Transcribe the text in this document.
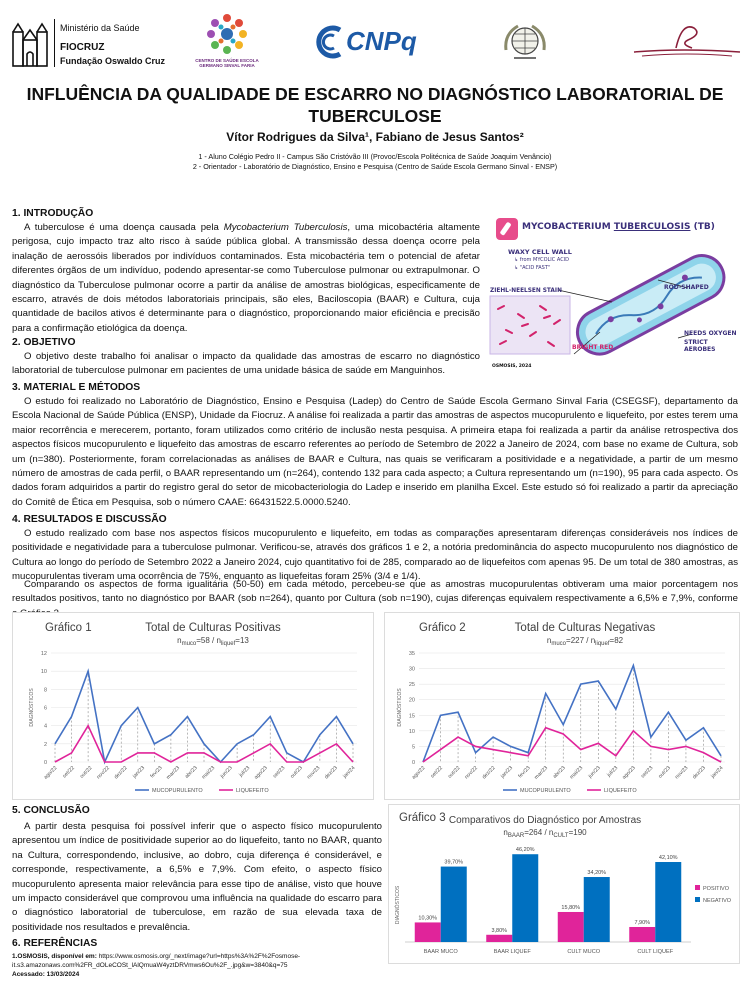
Ministério da Saúde
FIOCRUZ
Fundação Oswaldo Cruz	CENTRO DE SAÚDE ESCOLA GERMANO SINVAL FARIA
CNPq
INFLUÊNCIA DA QUALIDADE DE ESCARRO NO DIAGNÓSTICO LABORATORIAL DE TUBERCULOSE
Vítor Rodrigues da Silva¹, Fabiano de Jesus Santos²
1 - Aluno Colégio Pedro II - Campus São Cristóvão III (Provoc/Escola Politécnica de Saúde Joaquim Venâncio)
2 - Orientador - Laboratório de Diagnóstico, Ensino e Pesquisa (Centro de Saúde Escola Germano Sinval - ENSP)
1. INTRODUÇÃO

A tuberculose é uma doença causada pela Mycobacterium Tuberculosis, uma micobactéria altamente perigosa, cujo impacto traz alto risco à saúde pública global. A transmissão dessa doença ocorre pela inalação de aerossóis liberados por indivíduos contaminados. Esta micobactéria tem o potencial de afetar diferentes órgãos de um indivíduo, podendo apresentar-se como Tuberculose pulmonar ou extrapulmonar. O diagnóstico da Tuberculose pulmonar ocorre a partir da análise de amostras biológicas, especificamente de escarro, através de dois métodos laboratoriais principais, são eles, Baciloscopia (BAAR) e Cultura, cuja quantidade de bacilos ativos é determinante para o diagnóstico, proporcionando maior eficiência e precisão para a confirmação etiológica da doença.

MYCOBACTERIUM TUBERCULOSIS (TB)
WAXY CELL WALL
↳ from MYCOLIC ACID
↳ "ACID FAST"
ROD-SHAPED
ZIEHL-NEELSEN STAIN
BRIGHT RED
NEEDS OXYGEN
STRICT AEROBES
OSMOSIS, 2024
2. OBJETIVO

O objetivo deste trabalho foi analisar o impacto da qualidade das amostras de escarro no diagnóstico laboratorial de tuberculose pulmonar em pacientes de uma unidade básica de saúde em Manguinhos.

3. MATERIAL E MÉTODOS

O estudo foi realizado no Laboratório de Diagnóstico, Ensino e Pesquisa (Ladep) do Centro de Saúde Escola Germano Sinval Faria (CSEGSF), departamento da Escola Nacional de Saúde Pública (ENSP), Unidade da Fiocruz. A análise foi realizada a partir das amostras de aspectos mucopurulento e liquefeito, por estes terem uma maior recorrência e merecerem, portanto, foram utilizados como critério de inclusão nesta pesquisa. A primeira etapa foi realizada a partir da análise retrospectiva dos aspectos físicos mucopurulento e liquefeito das amostras de escarro referentes ao período de Setembro de 2022 a Janeiro de 2024, com base no exame de Cultura, sob um (n=380). Posteriormente, foram correlacionadas as análises de BAAR e Cultura, nas quais se verificaram a positividade e a negatividade, a partir de um mesmo número de amostras de cada perfil, o BAAR representando um (n=264), contendo 132 para cada aspecto; a Cultura representando um (n=190), 95 para cada aspecto. Os dados foram adquiridos a partir do registro geral do setor de micobacteriologia do Ladep e inserido em planilha Excel. Este estudo só foi realizado a partir da apreciação do Comitê de Ética em Pesquisa, sob o número CAAE: 66431522.5.0000.5240.

4. RESULTADOS E DISCUSSÃO

O estudo realizado com base nos aspectos físicos mucopurulento e liquefeito, em todas as comparações apresentaram diferenças consideráveis nos índices de positividade e negatividade para a tuberculose pulmonar. Verificou-se, através dos gráficos 1 e 2, a notória predominância do aspecto mucopurulento nos diagnóstico de Cultura ao longo do período de Setembro 2022 a Janeiro 2024, cujo quantitativo foi de 285, comparado ao de liquefeitos com apenas 95. De um total de 380 amostras, as mucopurulentas tiveram uma ocorrência de 75%, enquanto as liquefeitas foram 25% (3/4 e 1/4).

Comparando os aspectos de forma igualitária (50-50) em cada método, percebeu-se que as amostras mucopurulentas obtiveram uma maior porcentagem nos resultados positivos, tanto no diagnóstico por BAAR (sob n=264), quanto por Cultura (sob n=190), cujas diferenças equivalem respectivamente a 6,5% e 7,9%, conforme

Gráfico 1	Total de Culturas Positivas
$n_{muco}=58 / n_{liquef}=13$
0
2
4
6
8
10
12
DIAGNÓSTICOS
ago/22 set/22 out/22 nov/22 dez/22 jan/23 fev/23 mar/23 abr/23 mai/23 jun/23 jul/23 ago/23 set/23 out/23 nov/23 dez/23 jan/24
MUCOPURULENTO	LIQUEFEITO
Gráfico 2	Total de Culturas Negativas
$n_{muco}=227 / n_{liquef}=82$
0
5
10
15
20
25
30
35
DIAGNÓSTICOS
ago/22 set/22 out/22 nov/22 dez/22 jan/23 fev/23 mar/23 abr/23 mai/23 jun/23 jul/23 ago/23 set/23 out/23 nov/23 dez/23 jan/24
MUCOPURULENTO	LIQUEFEITO
5. CONCLUSÃO

A partir desta pesquisa foi possível inferir que o aspecto físico mucopurulento apresentou um índice de positividade superior ao do liquefeito, tanto no BAAR, quanto na Cultura, correspondendo, inclusive, ao dobro, cuja diferença é considerável, e corresponde, respectivamente, a 6,5% e 7,9%. Com efeito, o aspecto físico mucopurulento apresenta maior relevância para esse tipo de análise, visto que houve um impacto considerável que comprovou uma influência na qualidade do escarro para o diagnóstico laboratorial de tuberculose, em razão de sua elevada taxa de positividade nos resultados e prevalência.

Gráfico 3 Comparativos do Diagnóstico por Amostras
$n_{BAAR}=264 / n_{CULT}=190$
DIAGNÓSTICOS	10,30%
39,70%
BAAR MUCO
3,80%
46,20%
BAAR LIQUEF
15,80%
34,20%
CULT MUCO
7,90%
42,10%
CULT LIQUEF
POSITIVO
NEGATIVO
6. REFERÊNCIAS
1.OSMOSIS, disponível em: https://www.osmosis.org/_next/image?url=https%3A%2F%2Fosmose-it.s3.amazonaws.com%2FR_dOLeCOSt_lAlQmuaW4yztDRVmws6Ou%2F_.jpg&w=3840&q=75 Acessado: 13/03/2024
